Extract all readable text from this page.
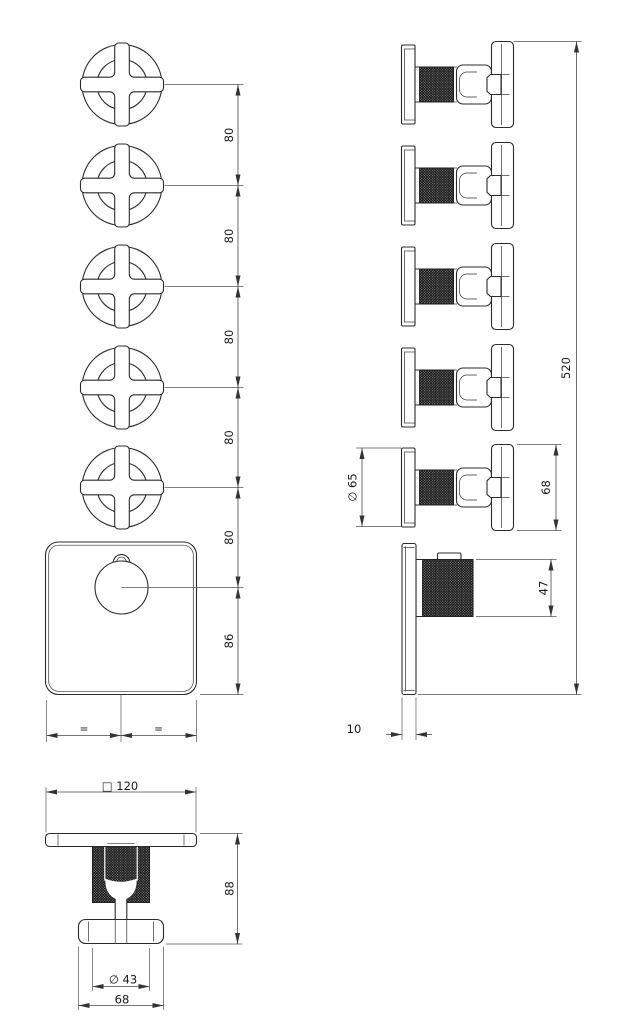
80
80
80
80
80
86
=	=
520
∅ 65	68
47
10
□ 120
88
∅ 43
68
